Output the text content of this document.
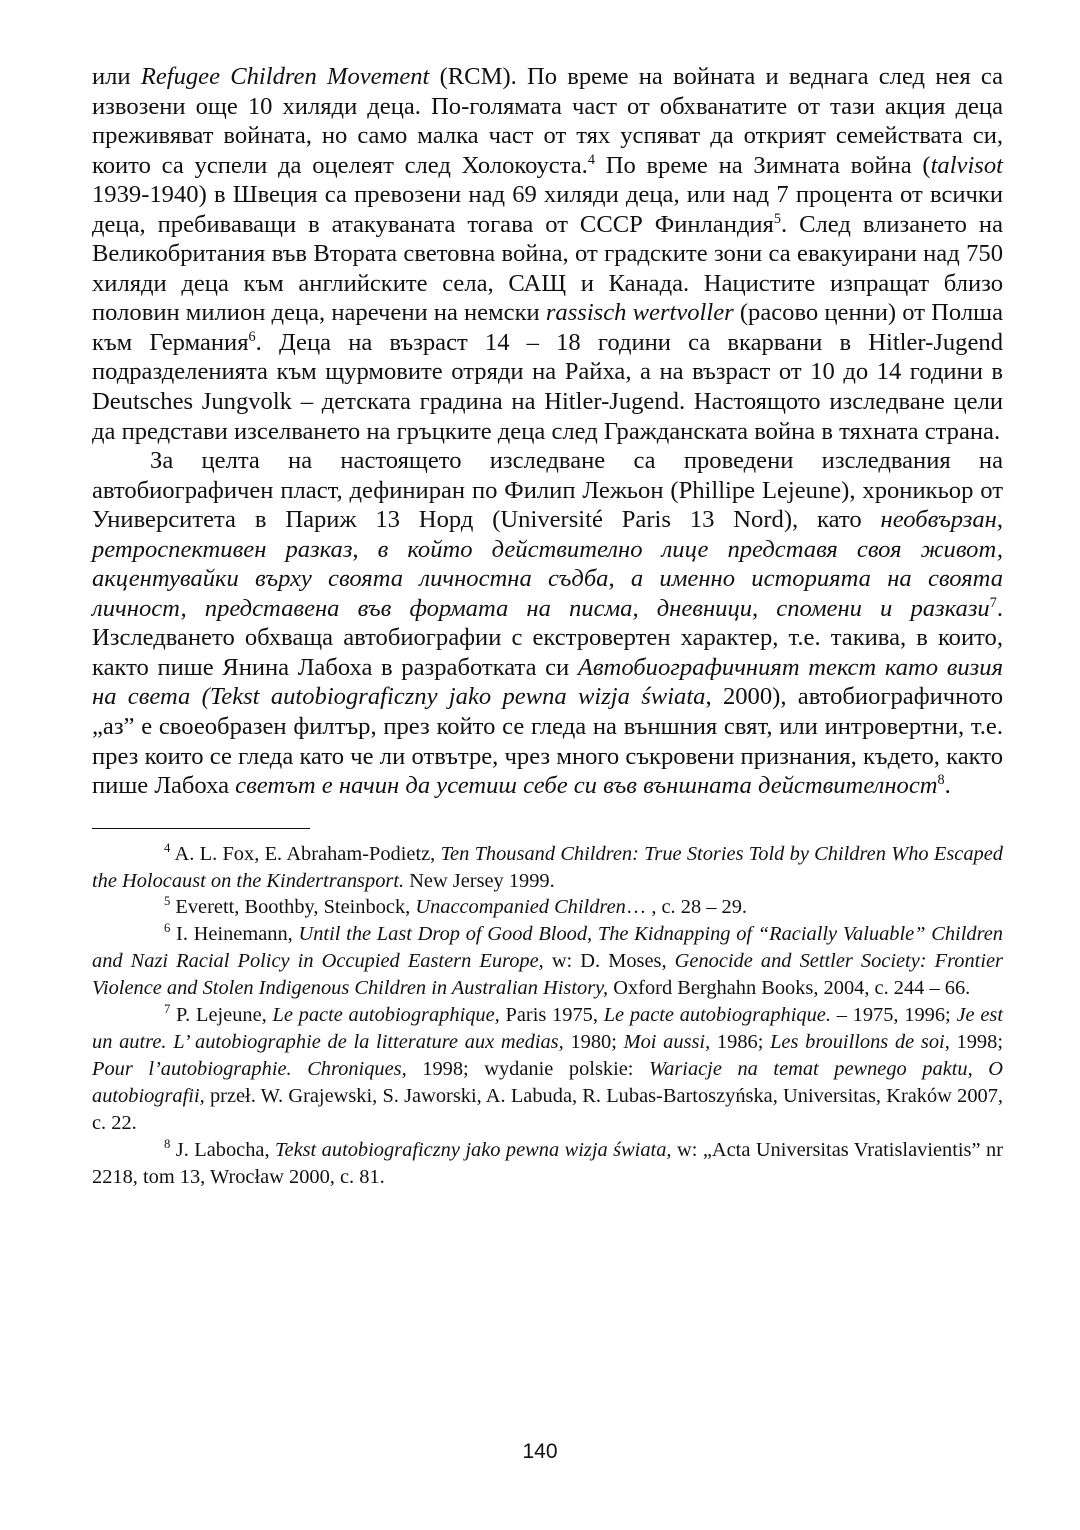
или Refugee Children Movement (RCM). По време на войната и веднага след нея са извозени още 10 хиляди деца. По-голямата част от обхванатите от тази акция деца преживяват войната, но само малка част от тях успяват да открият семействата си, които са успели да оцелеят след Холокоуста.$^4$ По време на Зимната война (talvisot 1939-1940) в Швеция са превозени над 69 хиляди деца, или над 7 процента от всички деца, пребиваващи в атакуваната тогава от СССР Финландия$^5$. След влизането на Великобритания във Втората световна война, от градските зони са евакуирани над 750 хиляди деца към английските села, САЩ и Канада. Нацистите изпращат близо половин милион деца, наречени на немски rassisch wertvoller (расово ценни) от Полша към Германия$^6$. Деца на възраст 14 – 18 години са вкарвани в Hitler-Jugend подразделенията към щурмовите отряди на Райха, а на възраст от 10 до 14 години в Deutsches Jungvolk – детската градина на Hitler-Jugend. Настоящото изследване цели да представи изселването на гръцките деца след Гражданската война в тяхната страна.

За целта на настоящето изследване са проведени изследвания на автобиографичен пласт, дефиниран по Филип Лежьон (Phillipe Lejeune), хроникьор от Университета в Париж 13 Норд (Université Paris 13 Nord), като необвързан, ретроспективен разказ, в който действително лице представя своя живот, акцентувайки върху своята личностна съдба, а именно историята на своята личност, представена във формата на писма, дневници, спомени и разкази$^7$. Изследването обхваща автобиографии с екстровертен характер, т.е. такива, в които, както пише Янина Лабоха в разработката си Автобиографичният текст като визия на света (Tekst autobiograficzny jako pewna wizja świata, 2000), автобиографичното „аз” е своеобразен филтър, през който се гледа на външния свят, или интровертни, т.е. през които се гледа като че ли отвътре, чрез много съкровени признания, където, както пише Лабоха светът е начин да усетиш себе си във външната действителност$^8$.

$^4$ A. L. Fox, E. Abraham-Podietz, Ten Thousand Children: True Stories Told by Children Who Escaped the Holocaust on the Kindertransport. New Jersey 1999.

$^5$ Everett, Boothby, Steinbock, Unaccompanied Children… , с. 28 – 29.

$^6$ I. Heinemann, Until the Last Drop of Good Blood, The Kidnapping of “Racially Valuable” Children and Nazi Racial Policy in Occupied Eastern Europe, w: D. Moses, Genocide and Settler Society: Frontier Violence and Stolen Indigenous Children in Australian History, Oxford Berghahn Books, 2004, с. 244 – 66.

$^7$ P. Lejeune, Le pacte autobiographique, Paris 1975, Le pacte autobiographique. – 1975, 1996; Je est un autre. L’ autobiographie de la litterature aux medias, 1980; Moi aussi, 1986; Les brouillons de soi, 1998; Pour l’autobiographie. Chroniques, 1998; wydanie polskie: Wariacje na temat pewnego paktu, O autobiografii, przeł. W. Grajewski, S. Jaworski, A. Labuda, R. Lubas-Bartoszyńska, Universitas, Kraków 2007, с. 22.

$^8$ J. Labocha, Tekst autobiograficzny jako pewna wizja świata, w: „Acta Universitas Vratislavientis” nr 2218, tom 13, Wrocław 2000, с. 81.

140
